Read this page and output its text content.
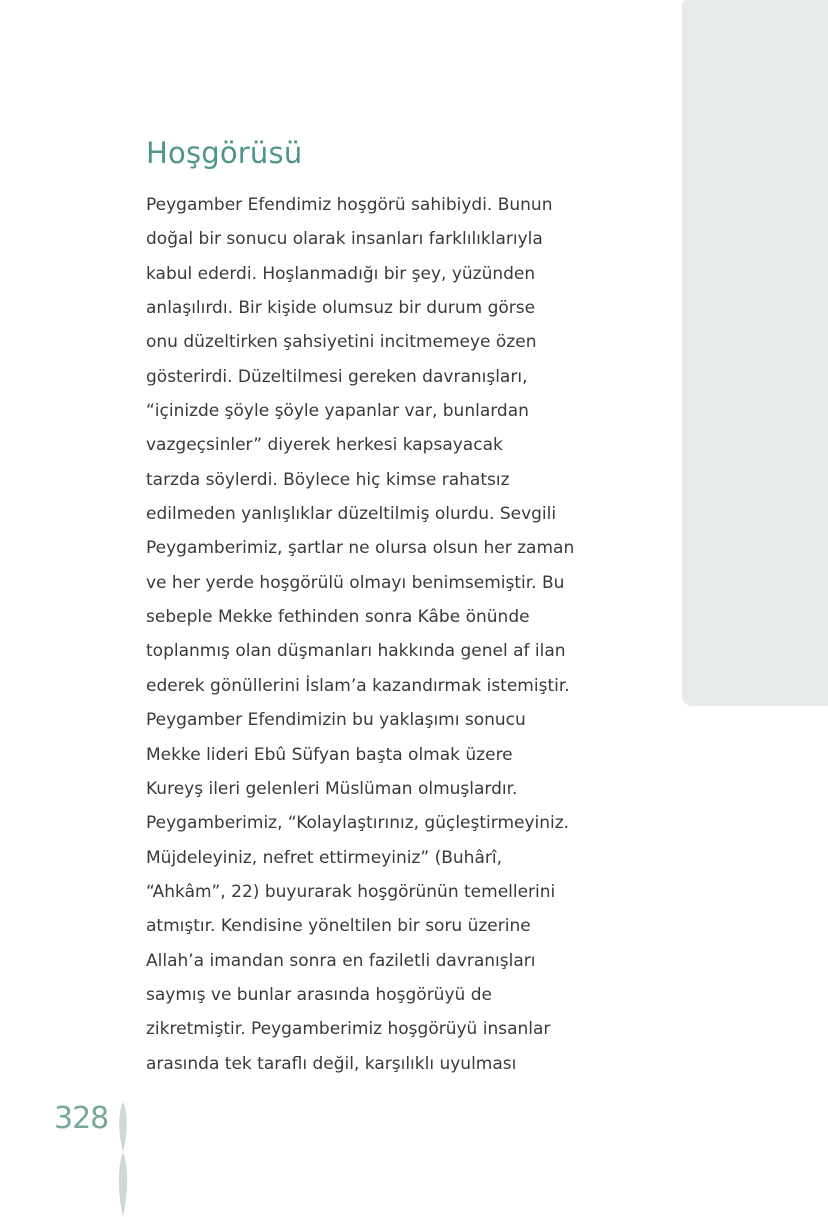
Hoşgörüsü
Peygamber Efendimiz hoşgörü sahibiydi. Bunun
doğal bir sonucu olarak insanları farklılıklarıyla
kabul ederdi. Hoşlanmadığı bir şey, yüzünden
anlaşılırdı. Bir kişide olumsuz bir durum görse
onu düzeltirken şahsiyetini incitmemeye özen
gösterirdi. Düzeltilmesi gereken davranışları,
“içinizde şöyle şöyle yapanlar var, bunlardan
vazgeçsinler” diyerek herkesi kapsayacak
tarzda söylerdi. Böylece hiç kimse rahatsız
edilmeden yanlışlıklar düzeltilmiş olurdu. Sevgili
Peygamberimiz, şartlar ne olursa olsun her zaman
ve her yerde hoşgörülü olmayı benimsemiştir. Bu
sebeple Mekke fethinden sonra Kâbe önünde
toplanmış olan düşmanları hakkında genel af ilan
ederek gönüllerini İslam’a kazandırmak istemiştir.
Peygamber Efendimizin bu yaklaşımı sonucu
Mekke lideri Ebû Süfyan başta olmak üzere
Kureyş ileri gelenleri Müslüman olmuşlardır.
Peygamberimiz, “Kolaylaştırınız, güçleştirmeyiniz.
Müjdeleyiniz, nefret ettirmeyiniz” (Buhârî,
“Ahkâm”, 22) buyurarak hoşgörünün temellerini
atmıştır. Kendisine yöneltilen bir soru üzerine
Allah’a imandan sonra en faziletli davranışları
saymış ve bunlar arasında hoşgörüyü de
zikretmiştir. Peygamberimiz hoşgörüyü insanlar
arasında tek taraflı değil, karşılıklı uyulması
328
